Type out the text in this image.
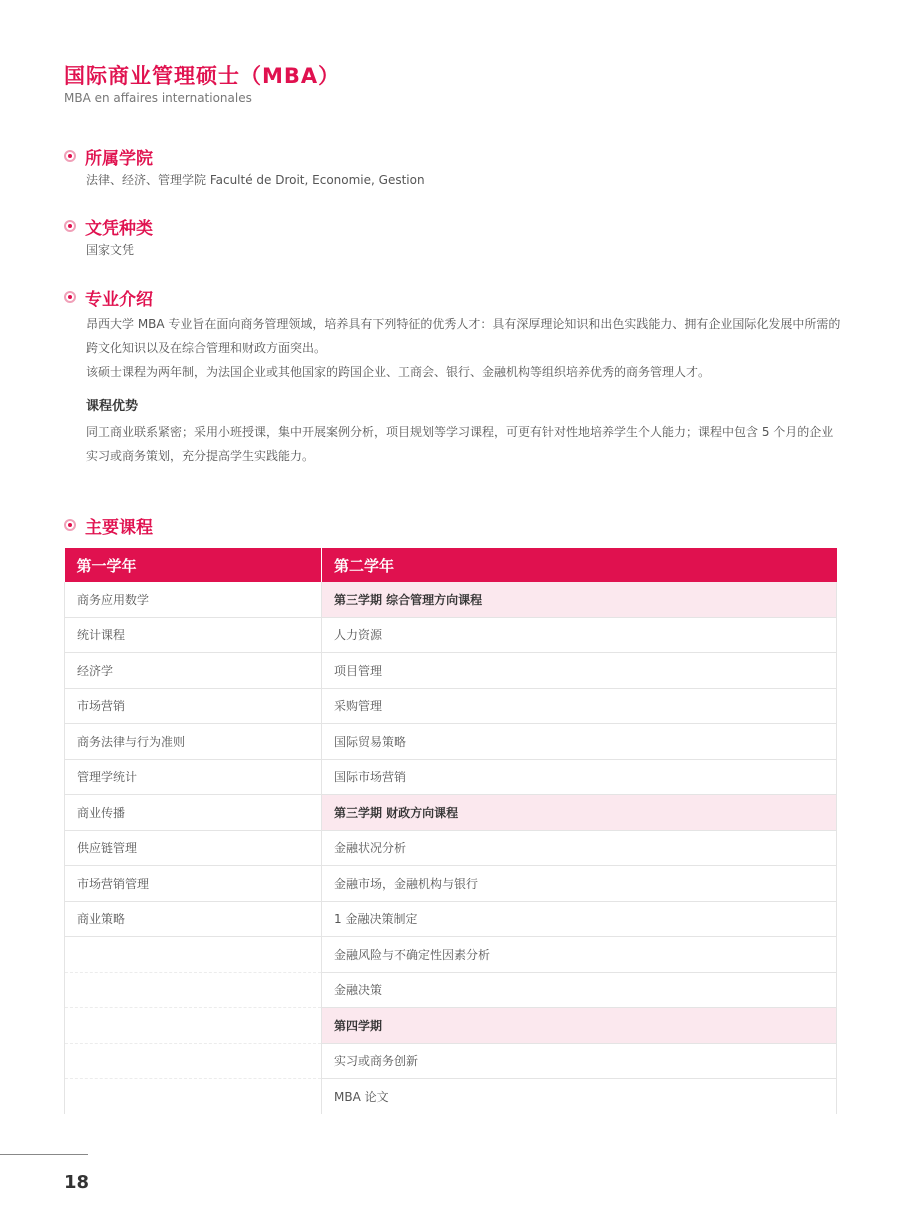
国际商业管理硕士（MBA）
MBA en affaires internationales
所属学院
法律、经济、管理学院 Faculté de Droit, Economie, Gestion
文凭种类
国家文凭
专业介绍

昂西大学 MBA 专业旨在面向商务管理领域，培养具有下列特征的优秀人才：具有深厚理论知识和出色实践能力、拥有企业国际化发展中所需的跨文化知识以及在综合管理和财政方面突出。

该硕士课程为两年制，为法国企业或其他国家的跨国企业、工商会、银行、金融机构等组织培养优秀的商务管理人才。

课程优势

同工商业联系紧密；采用小班授课，集中开展案例分析，项目规划等学习课程，可更有针对性地培养学生个人能力；课程中包含 5 个月的企业实习或商务策划，充分提高学生实践能力。

主要课程
第一学年	第二学年
商务应用数学	第三学期 综合管理方向课程
统计课程	人力资源
经济学	项目管理
市场营销	采购管理
商务法律与行为准则	国际贸易策略
管理学统计	国际市场营销
商业传播	第三学期 财政方向课程
供应链管理	金融状况分析
市场营销管理	金融市场，金融机构与银行
商业策略	1 金融决策制定
	金融风险与不确定性因素分析
	金融决策
	第四学期
	实习或商务创新
	MBA 论文
18
